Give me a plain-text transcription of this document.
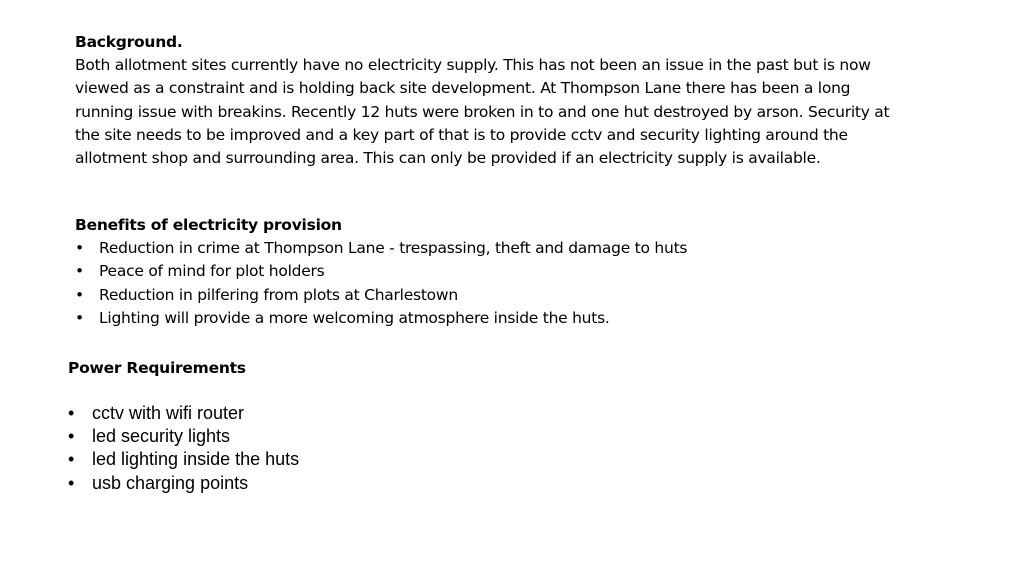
Background.
Both allotment sites currently have no electricity supply. This has not been an issue in the past but is now viewed as a constraint and is holding back site development. At Thompson Lane there has been a long running issue with breakins. Recently 12 huts were broken in to and one hut destroyed by arson. Security at the site needs to be improved and a key part of that is to provide cctv and security lighting around the allotment shop and surrounding area. This can only be provided if an electricity supply is available.
Benefits of electricity provision
• Reduction in crime at Thompson Lane - trespassing, theft and damage to huts
• Peace of mind for plot holders
• Reduction in pilfering from plots at Charlestown
• Lighting will provide a more welcoming atmosphere inside the huts.
Power Requirements
• cctv with wifi router
• led security lights
• led lighting inside the huts
• usb charging points
